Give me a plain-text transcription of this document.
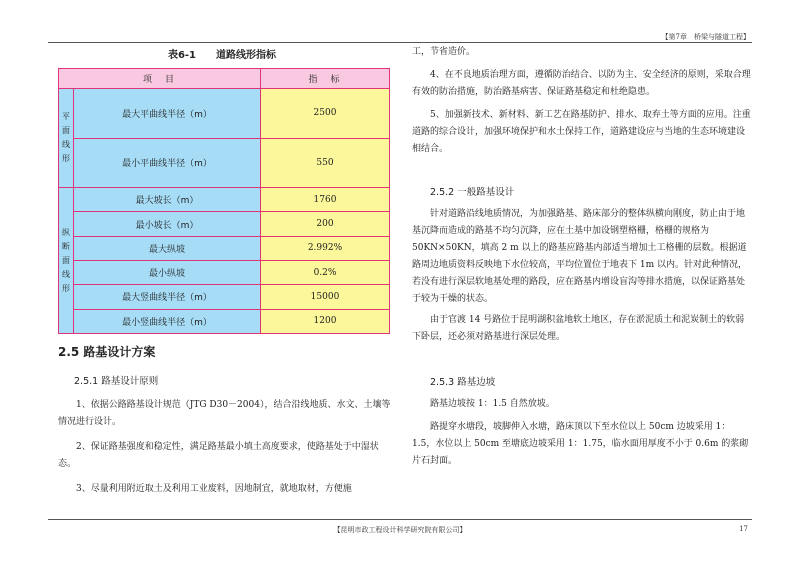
【第7章　桥梁与隧道工程】
表6-1　　道路线形指标
项　目		指　标
平面线形	最大平曲线半径（m）	2500
	最小平曲线半径（m）	550
纵断面线形	最大坡长（m）	1760
	最小坡长（m）	200
	最大纵坡	2.992%
	最小纵坡	0.2%
	最大竖曲线半径（m）	15000
	最小竖曲线半径（m）	1200
2.5 路基设计方案
2.5.1 路基设计原则

1、依据公路路基设计规范（JTG D30－2004），结合沿线地质、水文、土壤等情况进行设计。

2、保证路基强度和稳定性，满足路基最小填土高度要求，使路基处于中湿状态。

3、尽量利用附近取土及利用工业废料，因地制宜，就地取材，方便施

工，节省造价。

4、在不良地质治理方面，遵循防治结合、以防为主、安全经济的原则，采取合理有效的防治措施，防治路基病害、保证路基稳定和杜绝隐患。

5、加强新技术、新材料、新工艺在路基防护、排水、取弃土等方面的应用。注重道路的综合设计，加强环境保护和水土保持工作，道路建设应与当地的生态环境建设相结合。

2.5.2 一般路基设计

针对道路沿线地质情况，为加强路基、路床部分的整体纵横向刚度，防止由于地基沉降而造成的路基不均匀沉降，应在土基中加设钢塑格栅，格栅的规格为 50KN×50KN，填高 2 m 以上的路基应路基内部适当增加土工格栅的层数。根据道路周边地质资料反映地下水位较高，平均位置位于地表下 1m 以内。针对此种情况，若没有进行深层软地基处理的路段，应在路基内增设盲沟等排水措施，以保证路基处于较为干燥的状态。

由于官渡 14 号路位于昆明湖积盆地软土地区，存在淤泥质土和泥炭制土的软弱下卧层，还必须对路基进行深层处理。

2.5.3 路基边坡

路基边坡按 1：1.5 自然放坡。

路提穿水塘段，坡脚伸入水塘，路床顶以下至水位以上 50cm 边坡采用 1：1.5，水位以上 50cm 至塘底边坡采用 1：1.75，临水面用厚度不小于 0.6m 的浆砌片石封面。

【昆明市政工程设计科学研究院有限公司】	17
